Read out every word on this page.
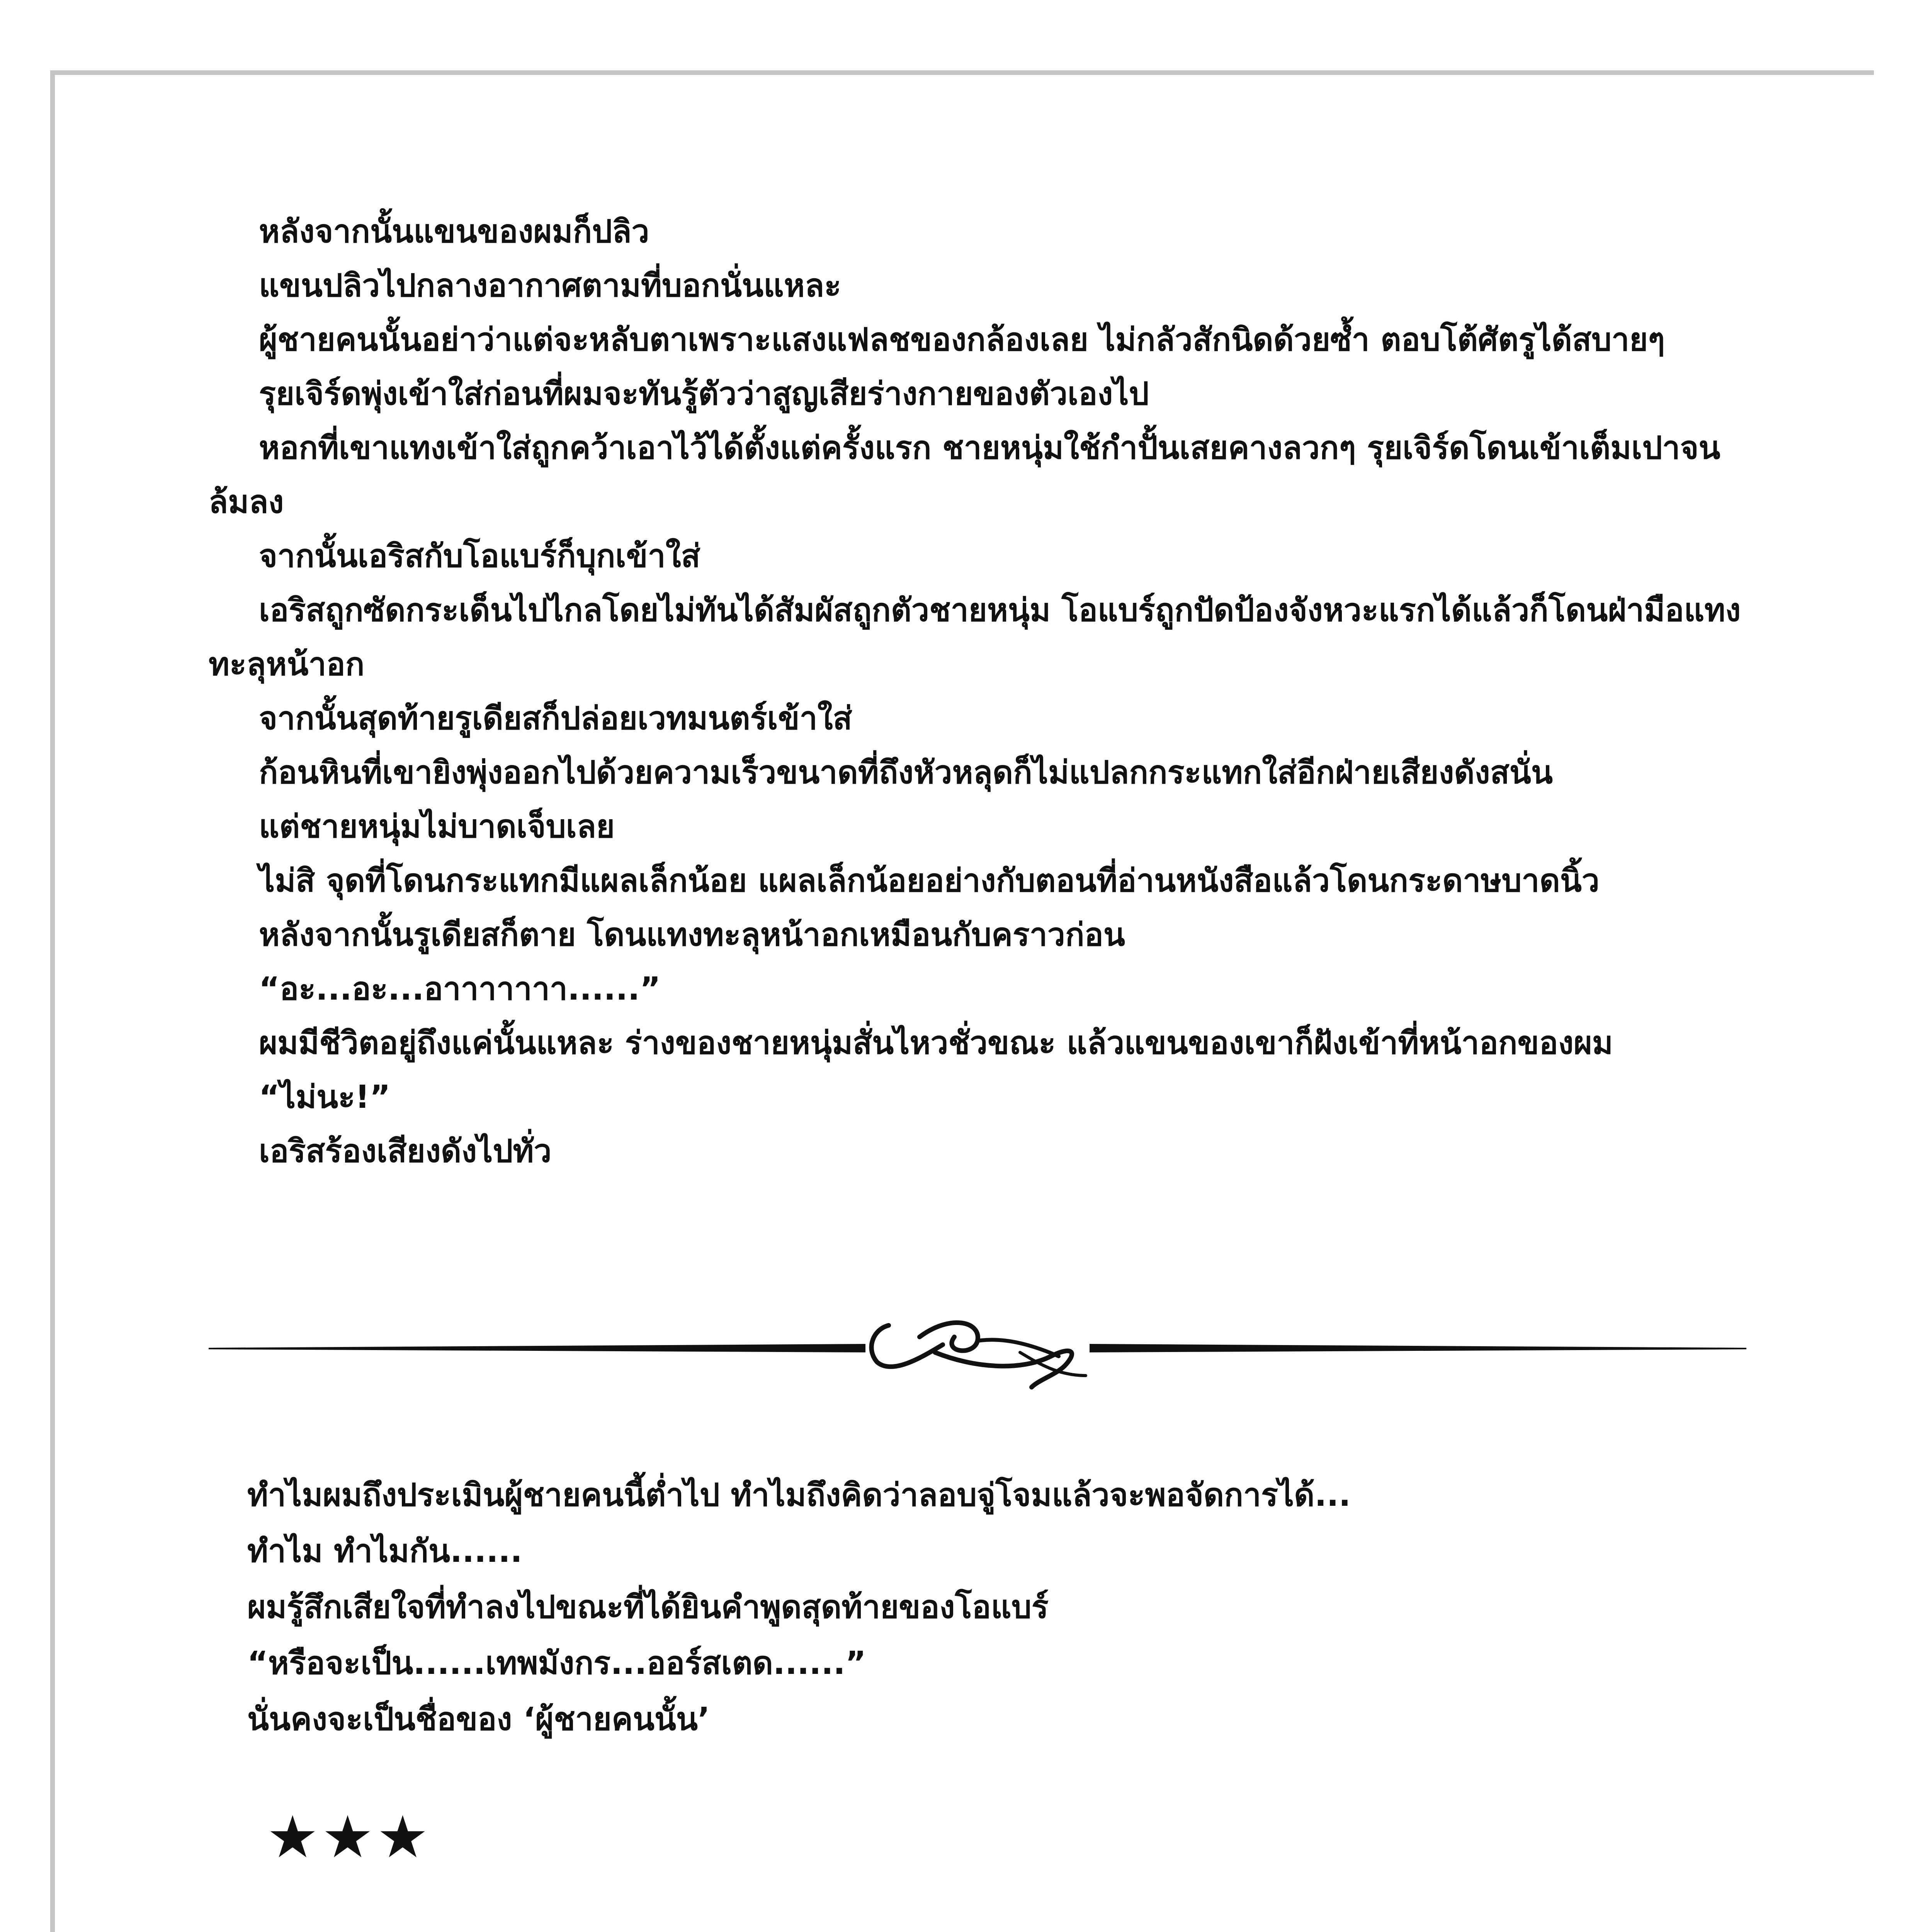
หลังจากนั้นแขนของผมก็ปลิว

แขนปลิวไปกลางอากาศตามที่บอกนั่นแหละ

ผู้ชายคนนั้นอย่าว่าแต่จะหลับตาเพราะแสงแฟลชของกล้องเลย ไม่กลัวสักนิดด้วยซ้ำ ตอบโต้ศัตรูได้สบายๆ

รุยเจิร์ดพุ่งเข้าใส่ก่อนที่ผมจะทันรู้ตัวว่าสูญเสียร่างกายของตัวเองไป

หอกที่เขาแทงเข้าใส่ถูกคว้าเอาไว้ได้ตั้งแต่ครั้งแรก ชายหนุ่มใช้กำปั้นเสยคางลวกๆ รุยเจิร์ดโดนเข้าเต็มเปาจนล้มลง

จากนั้นเอริสกับโอแบร์ก็บุกเข้าใส่

เอริสถูกซัดกระเด็นไปไกลโดยไม่ทันได้สัมผัสถูกตัวชายหนุ่ม โอแบร์ถูกปัดป้องจังหวะแรกได้แล้วก็โดนฝ่ามือแทงทะลุหน้าอก

จากนั้นสุดท้ายรูเดียสก็ปล่อยเวทมนตร์เข้าใส่

ก้อนหินที่เขายิงพุ่งออกไปด้วยความเร็วขนาดที่ถึงหัวหลุดก็ไม่แปลกกระแทกใส่อีกฝ่ายเสียงดังสนั่น

แต่ชายหนุ่มไม่บาดเจ็บเลย

ไม่สิ จุดที่โดนกระแทกมีแผลเล็กน้อย แผลเล็กน้อยอย่างกับตอนที่อ่านหนังสือแล้วโดนกระดาษบาดนิ้ว

หลังจากนั้นรูเดียสก็ตาย โดนแทงทะลุหน้าอกเหมือนกับคราวก่อน

“อะ...อะ...อาาาาาาา......”

ผมมีชีวิตอยู่ถึงแค่นั้นแหละ ร่างของชายหนุ่มสั่นไหวชั่วขณะ แล้วแขนของเขาก็ฝังเข้าที่หน้าอกของผม

“ไม่นะ!”

เอริสร้องเสียงดังไปทั่ว

ทำไมผมถึงประเมินผู้ชายคนนี้ต่ำไป ทำไมถึงคิดว่าลอบจู่โจมแล้วจะพอจัดการได้...

ทำไม ทำไมกัน......

ผมรู้สึกเสียใจที่ทำลงไปขณะที่ได้ยินคำพูดสุดท้ายของโอแบร์

“หรือจะเป็น......เทพมังกร...ออร์สเตด......”

นั่นคงจะเป็นชื่อของ ‘ผู้ชายคนนั้น’

★★★
